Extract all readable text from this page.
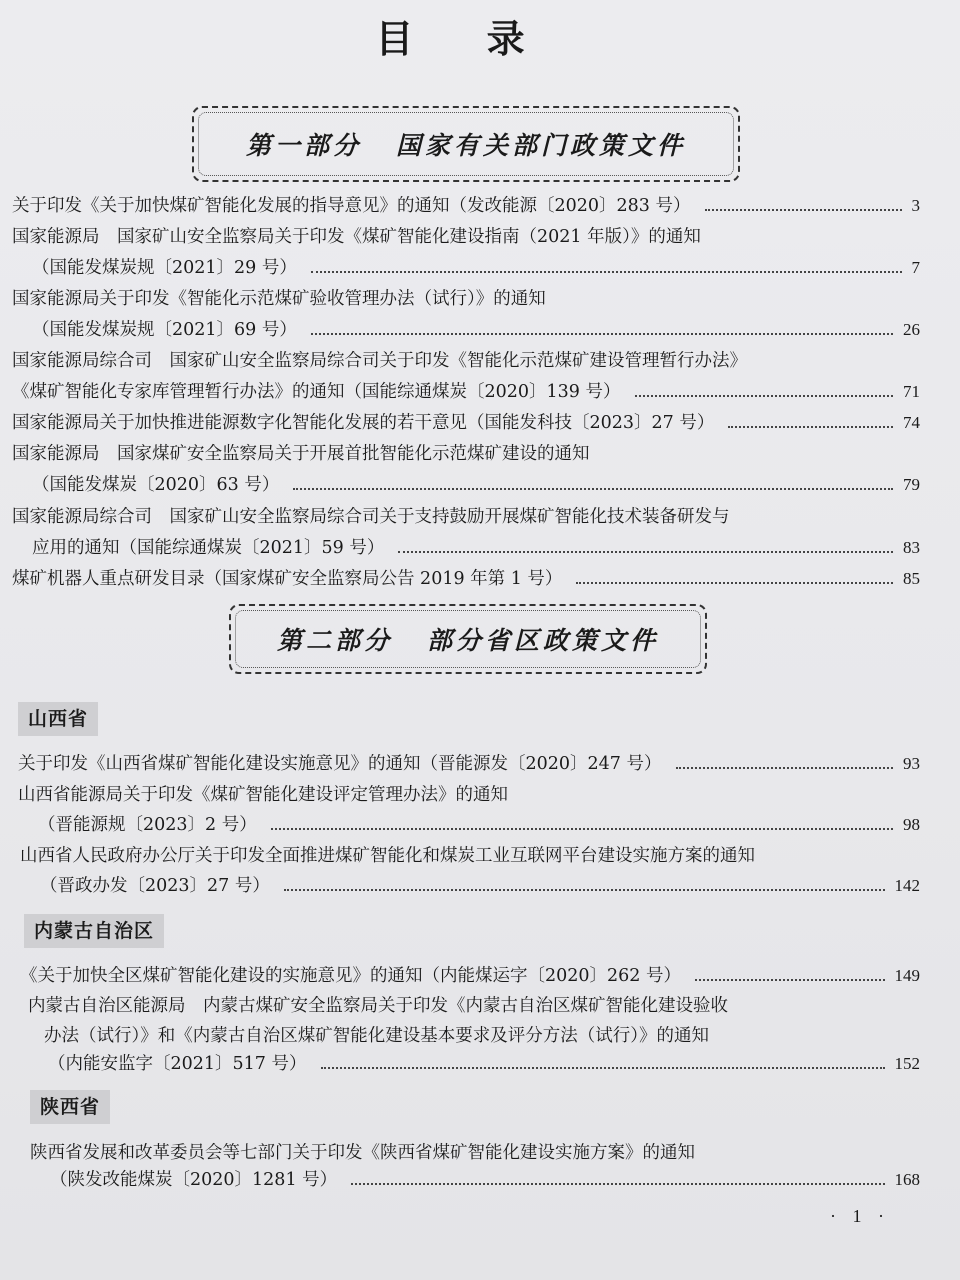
目 录
第一部分 国家有关部门政策文件
关于印发《关于加快煤矿智能化发展的指导意见》的通知（发改能源〔2020〕283 号）	3
国家能源局　国家矿山安全监察局关于印发《煤矿智能化建设指南（2021 年版）》的通知
（国能发煤炭规〔2021〕29 号）	7
国家能源局关于印发《智能化示范煤矿验收管理办法（试行）》的通知
（国能发煤炭规〔2021〕69 号）	26
国家能源局综合司　国家矿山安全监察局综合司关于印发《智能化示范煤矿建设管理暂行办法》
《煤矿智能化专家库管理暂行办法》的通知（国能综通煤炭〔2020〕139 号）	71
国家能源局关于加快推进能源数字化智能化发展的若干意见（国能发科技〔2023〕27 号）	74
国家能源局　国家煤矿安全监察局关于开展首批智能化示范煤矿建设的通知
（国能发煤炭〔2020〕63 号）	79
国家能源局综合司　国家矿山安全监察局综合司关于支持鼓励开展煤矿智能化技术装备研发与
应用的通知（国能综通煤炭〔2021〕59 号）	83
煤矿机器人重点研发目录（国家煤矿安全监察局公告 2019 年第 1 号）	85
第二部分 部分省区政策文件
山西省
关于印发《山西省煤矿智能化建设实施意见》的通知（晋能源发〔2020〕247 号）	93
山西省能源局关于印发《煤矿智能化建设评定管理办法》的通知
（晋能源规〔2023〕2 号）	98
山西省人民政府办公厅关于印发全面推进煤矿智能化和煤炭工业互联网平台建设实施方案的通知
（晋政办发〔2023〕27 号）	142
内蒙古自治区
《关于加快全区煤矿智能化建设的实施意见》的通知（内能煤运字〔2020〕262 号）	149
内蒙古自治区能源局　内蒙古煤矿安全监察局关于印发《内蒙古自治区煤矿智能化建设验收
办法（试行）》和《内蒙古自治区煤矿智能化建设基本要求及评分方法（试行）》的通知
（内能安监字〔2021〕517 号）	152
陕西省
陕西省发展和改革委员会等七部门关于印发《陕西省煤矿智能化建设实施方案》的通知
（陕发改能煤炭〔2020〕1281 号）	168
· 1 ·
